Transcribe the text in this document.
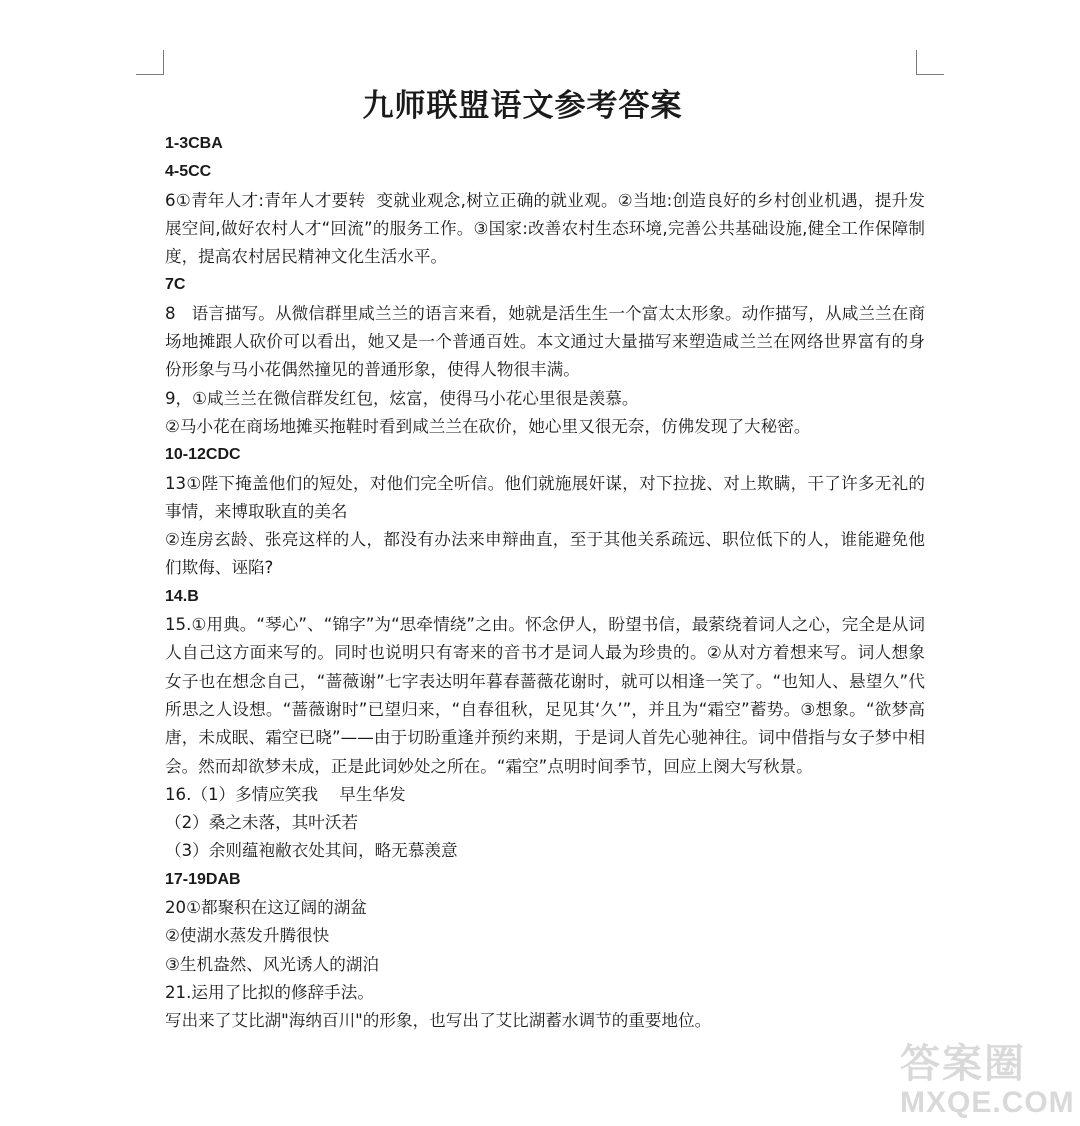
九师联盟语文参考答案

1-3CBA

4-5CC

6①青年人才:青年人才要转  变就业观念,树立正确的就业观。②当地:创造良好的乡村创业机遇，提升发展空间,做好农村人才“回流”的服务工作。③国家:改善农村生态环境,完善公共基础设施,健全工作保障制度，提高农村居民精神文化生活水平。

7C

8   语言描写。从微信群里咸兰兰的语言来看，她就是活生生一个富太太形象。动作描写，从咸兰兰在商场地摊跟人砍价可以看出，她又是一个普通百姓。本文通过大量描写来塑造咸兰兰在网络世界富有的身份形象与马小花偶然撞见的普通形象，使得人物很丰满。

9，①咸兰兰在微信群发红包，炫富，使得马小花心里很是羡慕。

②马小花在商场地摊买拖鞋时看到咸兰兰在砍价，她心里又很无奈，仿佛发现了大秘密。

10-12CDC

13①陛下掩盖他们的短处，对他们完全听信。他们就施展奸谋，对下拉拢、对上欺瞒，干了许多无礼的事情，来博取耿直的美名

②连房玄龄、张亮这样的人，都没有办法来申辩曲直，至于其他关系疏远、职位低下的人，谁能避免他们欺侮、诬陷?

14.B

15.①用典。“琴心”、“锦字”为“思牵情绕”之由。怀念伊人，盼望书信，最萦绕着词人之心，完全是从词人自己这方面来写的。同时也说明只有寄来的音书才是词人最为珍贵的。②从对方着想来写。词人想象女子也在想念自己，“蔷薇谢”七字表达明年暮春蔷薇花谢时，就可以相逢一笑了。“也知人、悬望久”代所思之人设想。“蔷薇谢时”已望归来，“自春徂秋，足见其‘久’”，并且为“霜空”蓄势。③想象。“欲梦高唐，未成眠、霜空已晓”——由于切盼重逢并预约来期，于是词人首先心驰神往。词中借指与女子梦中相会。然而却欲梦未成，正是此词妙处之所在。“霜空”点明时间季节，回应上阕大写秋景。

16.（1）多情应笑我    早生华发

（2）桑之未落，其叶沃若

（3）余则蕴袍敝衣处其间，略无慕羡意

17-19DAB

20①都聚积在这辽阔的湖盆

②使湖水蒸发升腾很快

③生机盎然、风光诱人的湖泊

21.运用了比拟的修辞手法。

写出来了艾比湖"海纳百川"的形象，也写出了艾比湖蓄水调节的重要地位。

答案圈
MXQE.COM
